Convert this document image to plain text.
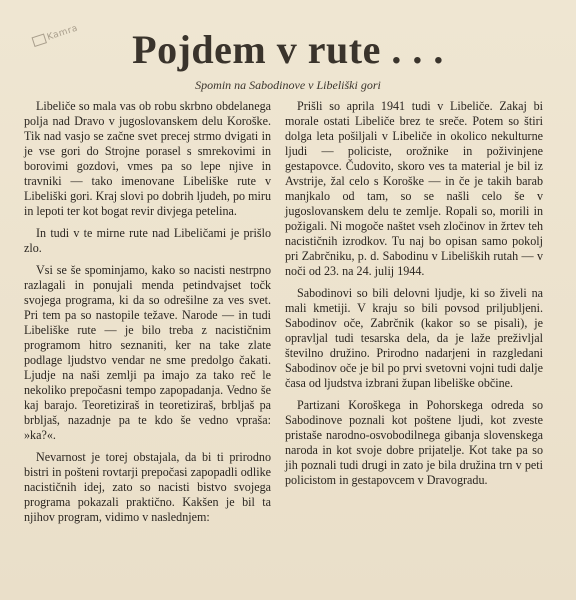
Kamra	Pojdem v rute . . .
Spomin na Sabodinove v Libeliški gori

Libeliče so mala vas ob robu skrbno obdelanega polja nad Dravo v jugoslovanskem delu Koroške. Tik nad vasjo se začne svet precej strmo dvigati in je vse gori do Strojne porasel s smrekovimi in borovimi gozdovi, vmes pa so lepe njive in travniki — tako imenovane Libeliške rute v Libeliški gori. Kraj slovi po dobrih ljudeh, po miru in lepoti ter kot bogat revir divjega petelina.

In tudi v te mirne rute nad Libeličami je prišlo zlo.

Vsi se še spominjamo, kako so nacisti nestrpno razlagali in ponujali menda petindvajset točk svojega programa, ki da so odrešilne za ves svet. Pri tem pa so nastopile težave. Narode — in tudi Libeliške rute — je bilo treba z nacističnim programom hitro seznaniti, ker na take zlate podlage ljudstvo vendar ne sme predolgo čakati. Ljudje na naši zemlji pa imajo za tako reč le nekoliko prepočasni tempo zapopadanja. Vedno še kaj barajo. Teoretiziraš in teoretiziraš, brbljaš pa brbljaš, nazadnje pa te kdo še vedno vpraša: »ka?«.

Nevarnost je torej obstajala, da bi ti prirodno bistri in pošteni rovtarji prepočasi zapopadli odlike nacističnih idej, zato so nacisti bistvo svojega programa pokazali praktično. Kakšen je bil ta njihov program, vidimo v naslednjem:

Prišli so aprila 1941 tudi v Libeliče. Zakaj bi morale ostati Libeliče brez te sreče. Potem so štiri dolga leta pošiljali v Libeliče in okolico nekulturne ljudi — policiste, orožnike in poživinjene gestapovce. Čudovito, skoro ves ta material je bil iz Avstrije, žal celo s Koroške — in če je takih barab manjkalo od tam, so se našli celo še v jugoslovanskem delu te zemlje. Ropali so, morili in požigali. Ni mogoče naštet vseh zločinov in žrtev teh nacističnih izrodkov. Tu naj bo opisan samo pokolj pri Zabrčniku, p. d. Sabodinu v Libeliških rutah — v noči od 23. na 24. julij 1944.

Sabodinovi so bili delovni ljudje, ki so živeli na mali kmetiji. V kraju so bili povsod priljubljeni. Sabodinov oče, Zabrčnik (kakor so se pisali), je opravljal tudi tesarska dela, da je laže preživljal številno družino. Prirodno nadarjeni in razgledani Sabodinov oče je bil po prvi svetovni vojni tudi dalje časa od ljudstva izbrani župan libeliške občine.

Partizani Koroškega in Pohorskega odreda so Sabodinove poznali kot poštene ljudi, kot zveste pristaše narodno-osvobodilnega gibanja slovenskega naroda in kot svoje dobre prijatelje. Kot take pa so jih poznali tudi drugi in zato je bila družina trn v peti policistom in gestapovcem v Dravogradu.
